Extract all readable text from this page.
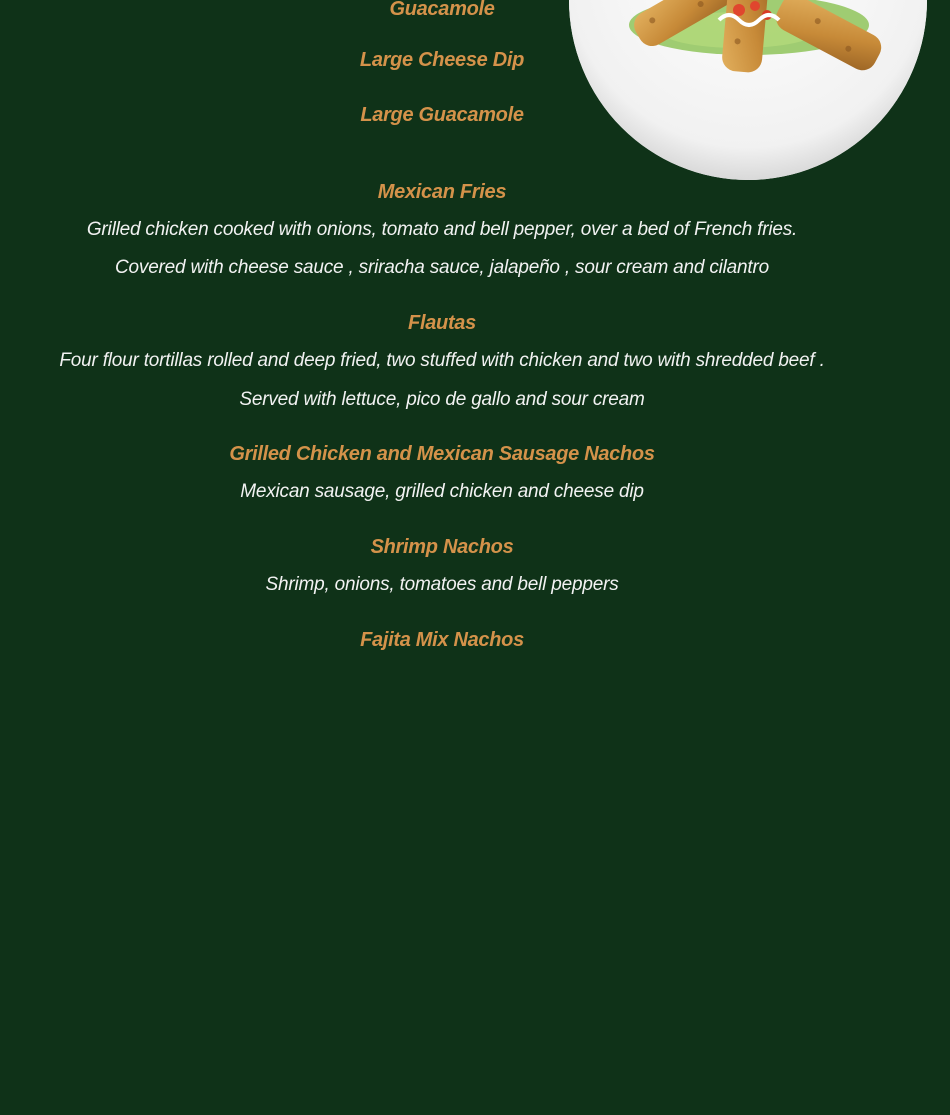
Guacamole
Large Cheese Dip
Large Guacamole
Mexican Fries
Grilled chicken cooked with onions, tomato and bell pepper, over a bed of French fries.
Covered with cheese sauce , sriracha sauce, jalapeño , sour cream and cilantro
Flautas
Four flour tortillas rolled and deep fried, two stuffed with chicken and two with shredded beef .
Served with lettuce, pico de gallo and sour cream
Grilled Chicken and Mexican Sausage Nachos
Mexican sausage, grilled chicken and cheese dip
Shrimp Nachos
Shrimp, onions, tomatoes and bell peppers
Fajita Mix Nachos
